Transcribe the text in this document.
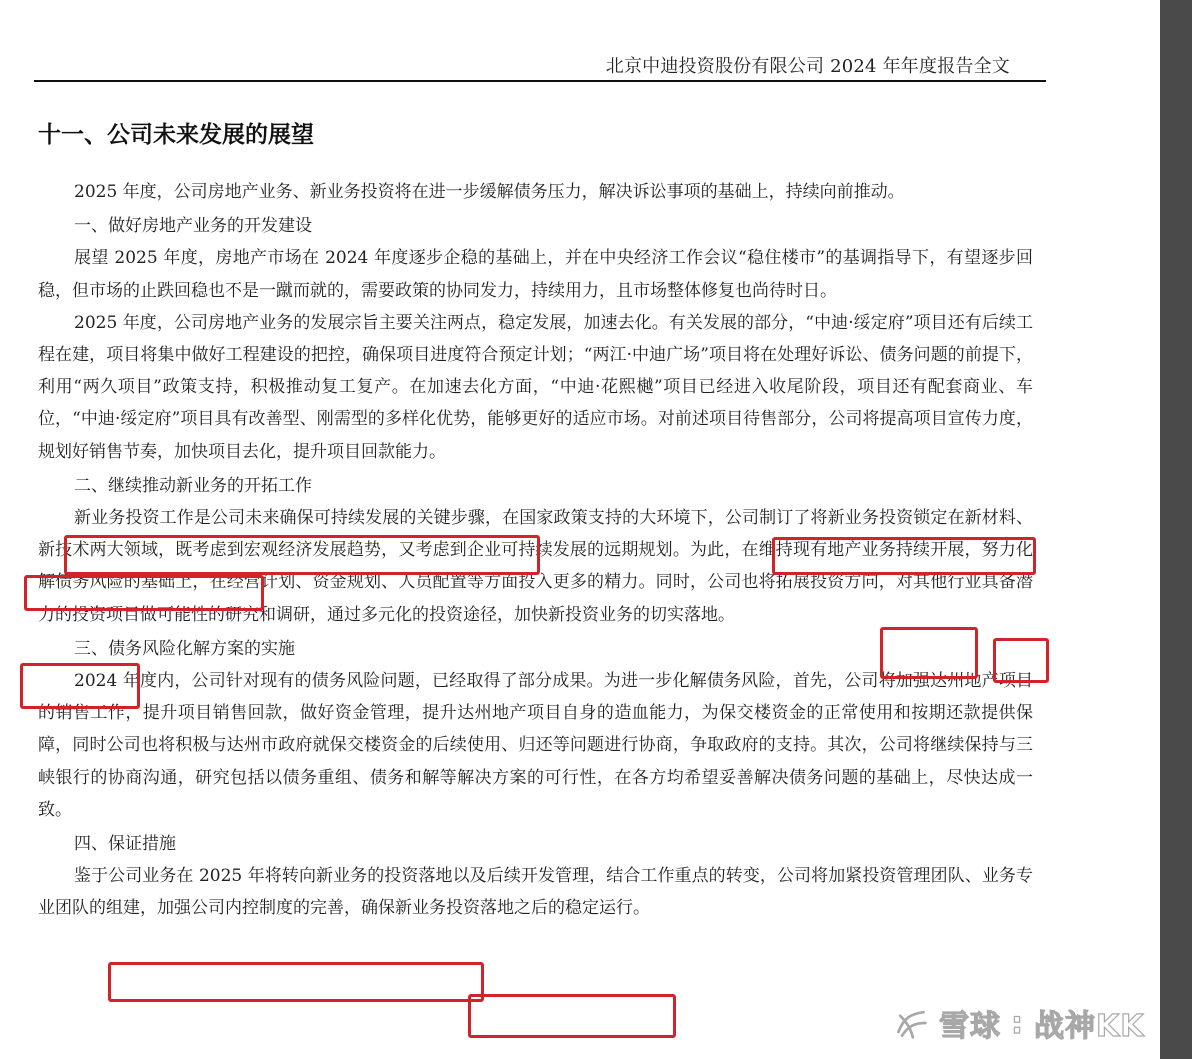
北京中迪投资股份有限公司 2024 年年度报告全文
十一、公司未来发展的展望

2025 年度，公司房地产业务、新业务投资将在进一步缓解债务压力，解决诉讼事项的基础上，持续向前推动。

一、做好房地产业务的开发建设

展望 2025 年度，房地产市场在 2024 年度逐步企稳的基础上，并在中央经济工作会议“稳住楼市”的基调指导下，有望逐步回稳，但市场的止跌回稳也不是一蹴而就的，需要政策的协同发力，持续用力，且市场整体修复也尚待时日。

2025 年度，公司房地产业务的发展宗旨主要关注两点，稳定发展，加速去化。有关发展的部分，“中迪·绥定府”项目还有后续工程在建，项目将集中做好工程建设的把控，确保项目进度符合预定计划；“两江·中迪广场”项目将在处理好诉讼、债务问题的前提下，利用“两久项目”政策支持，积极推动复工复产。在加速去化方面，“中迪·花熙樾”项目已经进入收尾阶段，项目还有配套商业、车位，“中迪·绥定府”项目具有改善型、刚需型的多样化优势，能够更好的适应市场。对前述项目待售部分，公司将提高项目宣传力度，规划好销售节奏，加快项目去化，提升项目回款能力。

二、继续推动新业务的开拓工作

新业务投资工作是公司未来确保可持续发展的关键步骤，在国家政策支持的大环境下，公司制订了将新业务投资锁定在新材料、新技术两大领域，既考虑到宏观经济发展趋势，又考虑到企业可持续发展的远期规划。为此，在维持现有地产业务持续开展，努力化解债务风险的基础上，在经营计划、资金规划、人员配置等方面投入更多的精力。同时，公司也将拓展投资方向，对其他行业具备潜力的投资项目做可能性的研究和调研，通过多元化的投资途径，加快新投资业务的切实落地。

三、债务风险化解方案的实施

2024 年度内，公司针对现有的债务风险问题，已经取得了部分成果。为进一步化解债务风险，首先，公司将加强达州地产项目的销售工作，提升项目销售回款，做好资金管理，提升达州地产项目自身的造血能力，为保交楼资金的正常使用和按期还款提供保障，同时公司也将积极与达州市政府就保交楼资金的后续使用、归还等问题进行协商，争取政府的支持。其次，公司将继续保持与三峡银行的协商沟通，研究包括以债务重组、债务和解等解决方案的可行性，在各方均希望妥善解决债务问题的基础上，尽快达成一致。

四、保证措施

鉴于公司业务在 2025 年将转向新业务的投资落地以及后续开发管理，结合工作重点的转变，公司将加紧投资管理团队、业务专业团队的组建，加强公司内控制度的完善，确保新业务投资落地之后的稳定运行。

雪球 : 战神KK
